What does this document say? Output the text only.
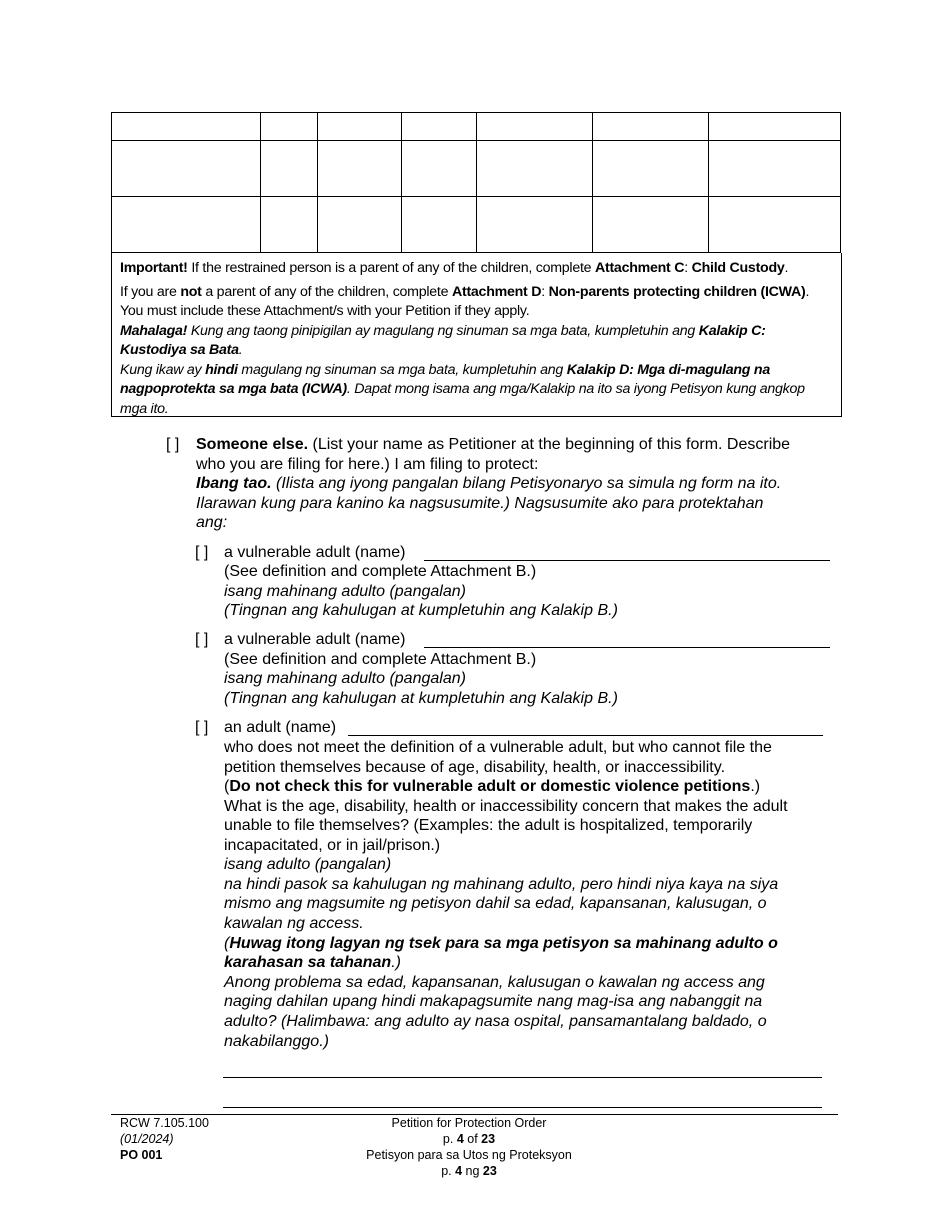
Important! If the restrained person is a parent of any of the children, complete Attachment C: Child Custody.

If you are not a parent of any of the children, complete Attachment D: Non-parents protecting children (ICWA).

You must include these Attachment/s with your Petition if they apply.

Mahalaga! Kung ang taong pinipigilan ay magulang ng sinuman sa mga bata, kumpletuhin ang Kalakip C:

Kustodiya sa Bata.

Kung ikaw ay hindi magulang ng sinuman sa mga bata, kumpletuhin ang Kalakip D: Mga di-magulang na

nagpoprotekta sa mga bata (ICWA). Dapat mong isama ang mga/Kalakip na ito sa iyong Petisyon kung angkop

mga ito.

[ ] Someone else. (List your name as Petitioner at the beginning of this form. Describe
who you are filing for here.) I am filing to protect:
Ibang tao. (Ilista ang iyong pangalan bilang Petisyonaryo sa simula ng form na ito.
Ilarawan kung para kanino ka nagsusumite.) Nagsusumite ako para protektahan
ang:
[ ] a vulnerable adult (name)
(See definition and complete Attachment B.)
isang mahinang adulto (pangalan)
(Tingnan ang kahulugan at kumpletuhin ang Kalakip B.)
[ ] a vulnerable adult (name)
(See definition and complete Attachment B.)
isang mahinang adulto (pangalan)
(Tingnan ang kahulugan at kumpletuhin ang Kalakip B.)
[ ] an adult (name)
who does not meet the definition of a vulnerable adult, but who cannot file the
petition themselves because of age, disability, health, or inaccessibility.
(Do not check this for vulnerable adult or domestic violence petitions.)
What is the age, disability, health or inaccessibility concern that makes the adult
unable to file themselves? (Examples: the adult is hospitalized, temporarily
incapacitated, or in jail/prison.)
isang adulto (pangalan)
na hindi pasok sa kahulugan ng mahinang adulto, pero hindi niya kaya na siya
mismo ang magsumite ng petisyon dahil sa edad, kapansanan, kalusugan, o
kawalan ng access.
(Huwag itong lagyan ng tsek para sa mga petisyon sa mahinang adulto o
karahasan sa tahanan.)
Anong problema sa edad, kapansanan, kalusugan o kawalan ng access ang
naging dahilan upang hindi makapagsumite nang mag-isa ang nabanggit na
adulto? (Halimbawa: ang adulto ay nasa ospital, pansamantalang baldado, o
nakabilanggo.)
RCW 7.105.100
(01/2024)
PO 001
Petition for Protection Order
p. 4 of 23
Petisyon para sa Utos ng Proteksyon
p. 4 ng 23
